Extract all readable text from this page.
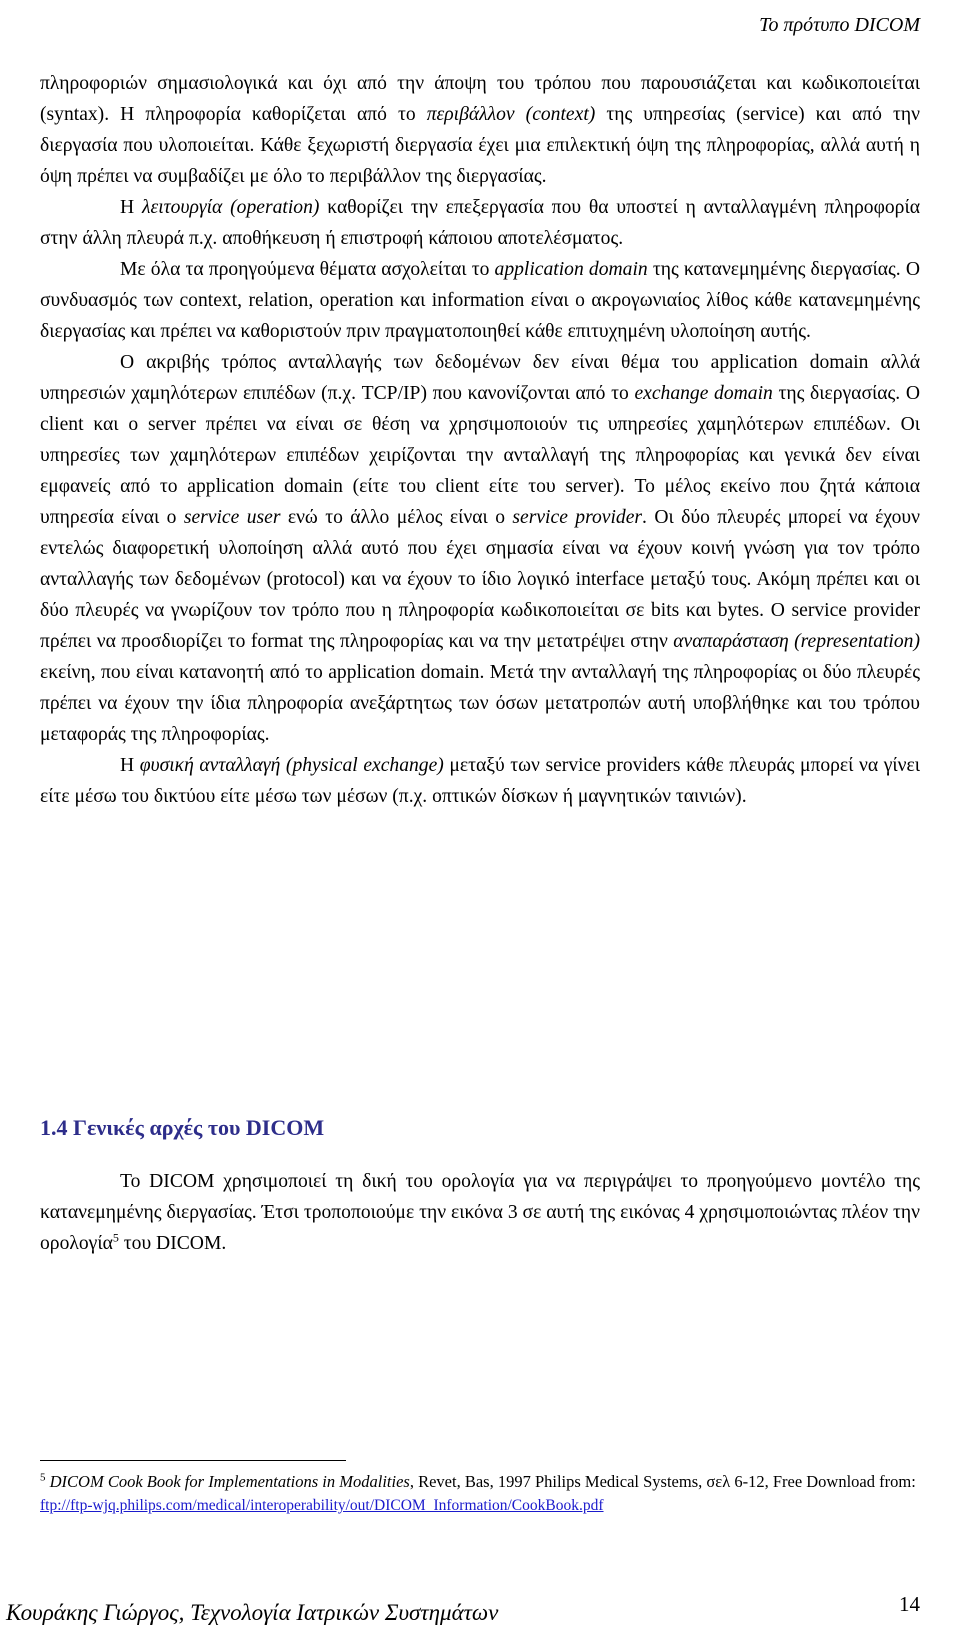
Το πρότυπο DICOM

πληροφοριών σημασιολογικά και όχι από την άποψη του τρόπου που παρουσιάζεται και κωδικοποιείται (syntax). Η πληροφορία καθορίζεται από το περιβάλλον (context) της υπηρεσίας (service) και από την διεργασία που υλοποιείται. Κάθε ξεχωριστή διεργασία έχει μια επιλεκτική όψη της πληροφορίας, αλλά αυτή η όψη πρέπει να συμβαδίζει με όλο το περιβάλλον της διεργασίας.

Η λειτουργία (operation) καθορίζει την επεξεργασία που θα υποστεί η ανταλλαγμένη πληροφορία στην άλλη πλευρά π.χ. αποθήκευση ή επιστροφή κάποιου αποτελέσματος.

Με όλα τα προηγούμενα θέματα ασχολείται το application domain της κατανεμημένης διεργασίας. Ο συνδυασμός των context, relation, operation και information είναι ο ακρογωνιαίος λίθος κάθε κατανεμημένης διεργασίας και πρέπει να καθοριστούν πριν πραγματοποιηθεί κάθε επιτυχημένη υλοποίηση αυτής.

Ο ακριβής τρόπος ανταλλαγής των δεδομένων δεν είναι θέμα του application domain αλλά υπηρεσιών χαμηλότερων επιπέδων (π.χ. TCP/IP) που κανονίζονται από το exchange domain της διεργασίας. Ο client και ο server πρέπει να είναι σε θέση να χρησιμοποιούν τις υπηρεσίες χαμηλότερων επιπέδων. Οι υπηρεσίες των χαμηλότερων επιπέδων χειρίζονται την ανταλλαγή της πληροφορίας και γενικά δεν είναι εμφανείς από το application domain (είτε του client είτε του server). Το μέλος εκείνο που ζητά κάποια υπηρεσία είναι ο service user ενώ το άλλο μέλος είναι ο service provider. Οι δύο πλευρές μπορεί να έχουν εντελώς διαφορετική υλοποίηση αλλά αυτό που έχει σημασία είναι να έχουν κοινή γνώση για τον τρόπο ανταλλαγής των δεδομένων (protocol) και να έχουν το ίδιο λογικό interface μεταξύ τους. Ακόμη πρέπει και οι δύο πλευρές να γνωρίζουν τον τρόπο που η πληροφορία κωδικοποιείται σε bits και bytes. Ο service provider πρέπει να προσδιορίζει το format της πληροφορίας και να την μετατρέψει στην αναπαράσταση (representation) εκείνη, που είναι κατανοητή από το application domain. Μετά την ανταλλαγή της πληροφορίας οι δύο πλευρές πρέπει να έχουν την ίδια πληροφορία ανεξάρτητως των όσων μετατροπών αυτή υποβλήθηκε και του τρόπου μεταφοράς της πληροφορίας.

Η φυσική ανταλλαγή (physical exchange) μεταξύ των service providers κάθε πλευράς μπορεί να γίνει είτε μέσω του δικτύου είτε μέσω των μέσων (π.χ. οπτικών δίσκων ή μαγνητικών ταινιών).

1.4 Γενικές αρχές του DICOM

Το DICOM χρησιμοποιεί τη δική του ορολογία για να περιγράψει το προηγούμενο μοντέλο της κατανεμημένης διεργασίας. Έτσι τροποποιούμε την εικόνα 3 σε αυτή της εικόνας 4 χρησιμοποιώντας πλέον την ορολογία$^5$ του DICOM.

$^5$ DICOM Cook Book for Implementations in Modalities, Revet, Bas, 1997 Philips Medical Systems, σελ 6-12, Free Download from:
ftp://ftp-wjq.philips.com/medical/interoperability/out/DICOM_Information/CookBook.pdf
Κουράκης Γιώργος, Τεχνολογία Ιατρικών Συστημάτων	14
